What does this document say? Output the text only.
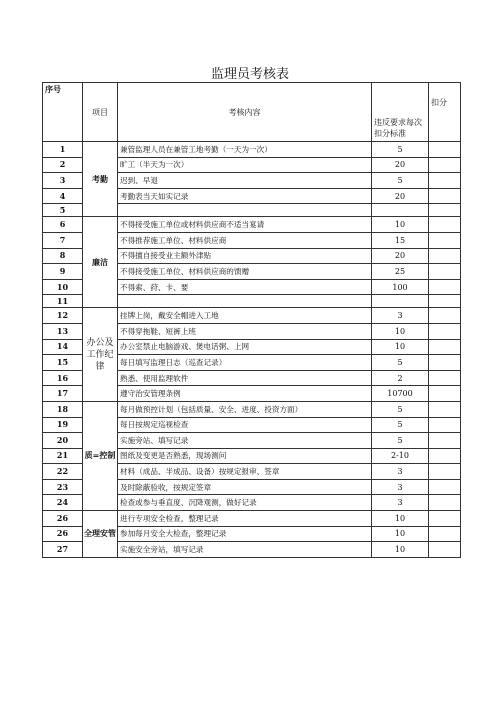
监理员考核表
序号	项目	考核内容	违反要求每次扣分标准	扣分
1	考勤	兼管监理人员在兼管工地考勤（一天为一次）	5	
2		旷工（半天为一次）	20	
3		迟到、早退	5	
4		考勤表当天如实记录	20	
5				
6	廉洁	不得接受施工单位或材料供应商不适当宴请	10	
7		不得推荐施工单位、材料供应商	15	
8		不得擅自接受业主额外津贴	20	
9		不得接受施工单位、材料供应商的馈赠	25	
10		不得索、荮、卡、要	100	
11				
12	办公及工作纪律	挂牌上岗，戴安全帽进入工地	3	
13		不得穿拖鞋、短裤上班	10	
14		办公室禁止电脑游戏、煲电话粥、上网	10	
15		每日填写监理日志（巡查记录）	5	
16		熟悉、使用监理软件	2	
17		遵守治安管理条例	10700	
18	质=控制	每月做预控计划（包括质量、安全、进度、投资方面）	5	
19		每日按规定巡视检查	5	
20		实施旁站、填写记录	5	
21		图纸及变更是否熟悉，现场测问	2-10	
22		材料（成品、半成品、设备）按规定报审、签章	3	
23		及时除蔽验收，按规定签章	3	
24		检查或参与垂直度、沉降观测，做好记录	3	
26	全理安管	进行专项安全检查，整理记录	10	
26		参加每月安全大检查，整理记录	10	
27		实施安全旁站，填写记录	10	
